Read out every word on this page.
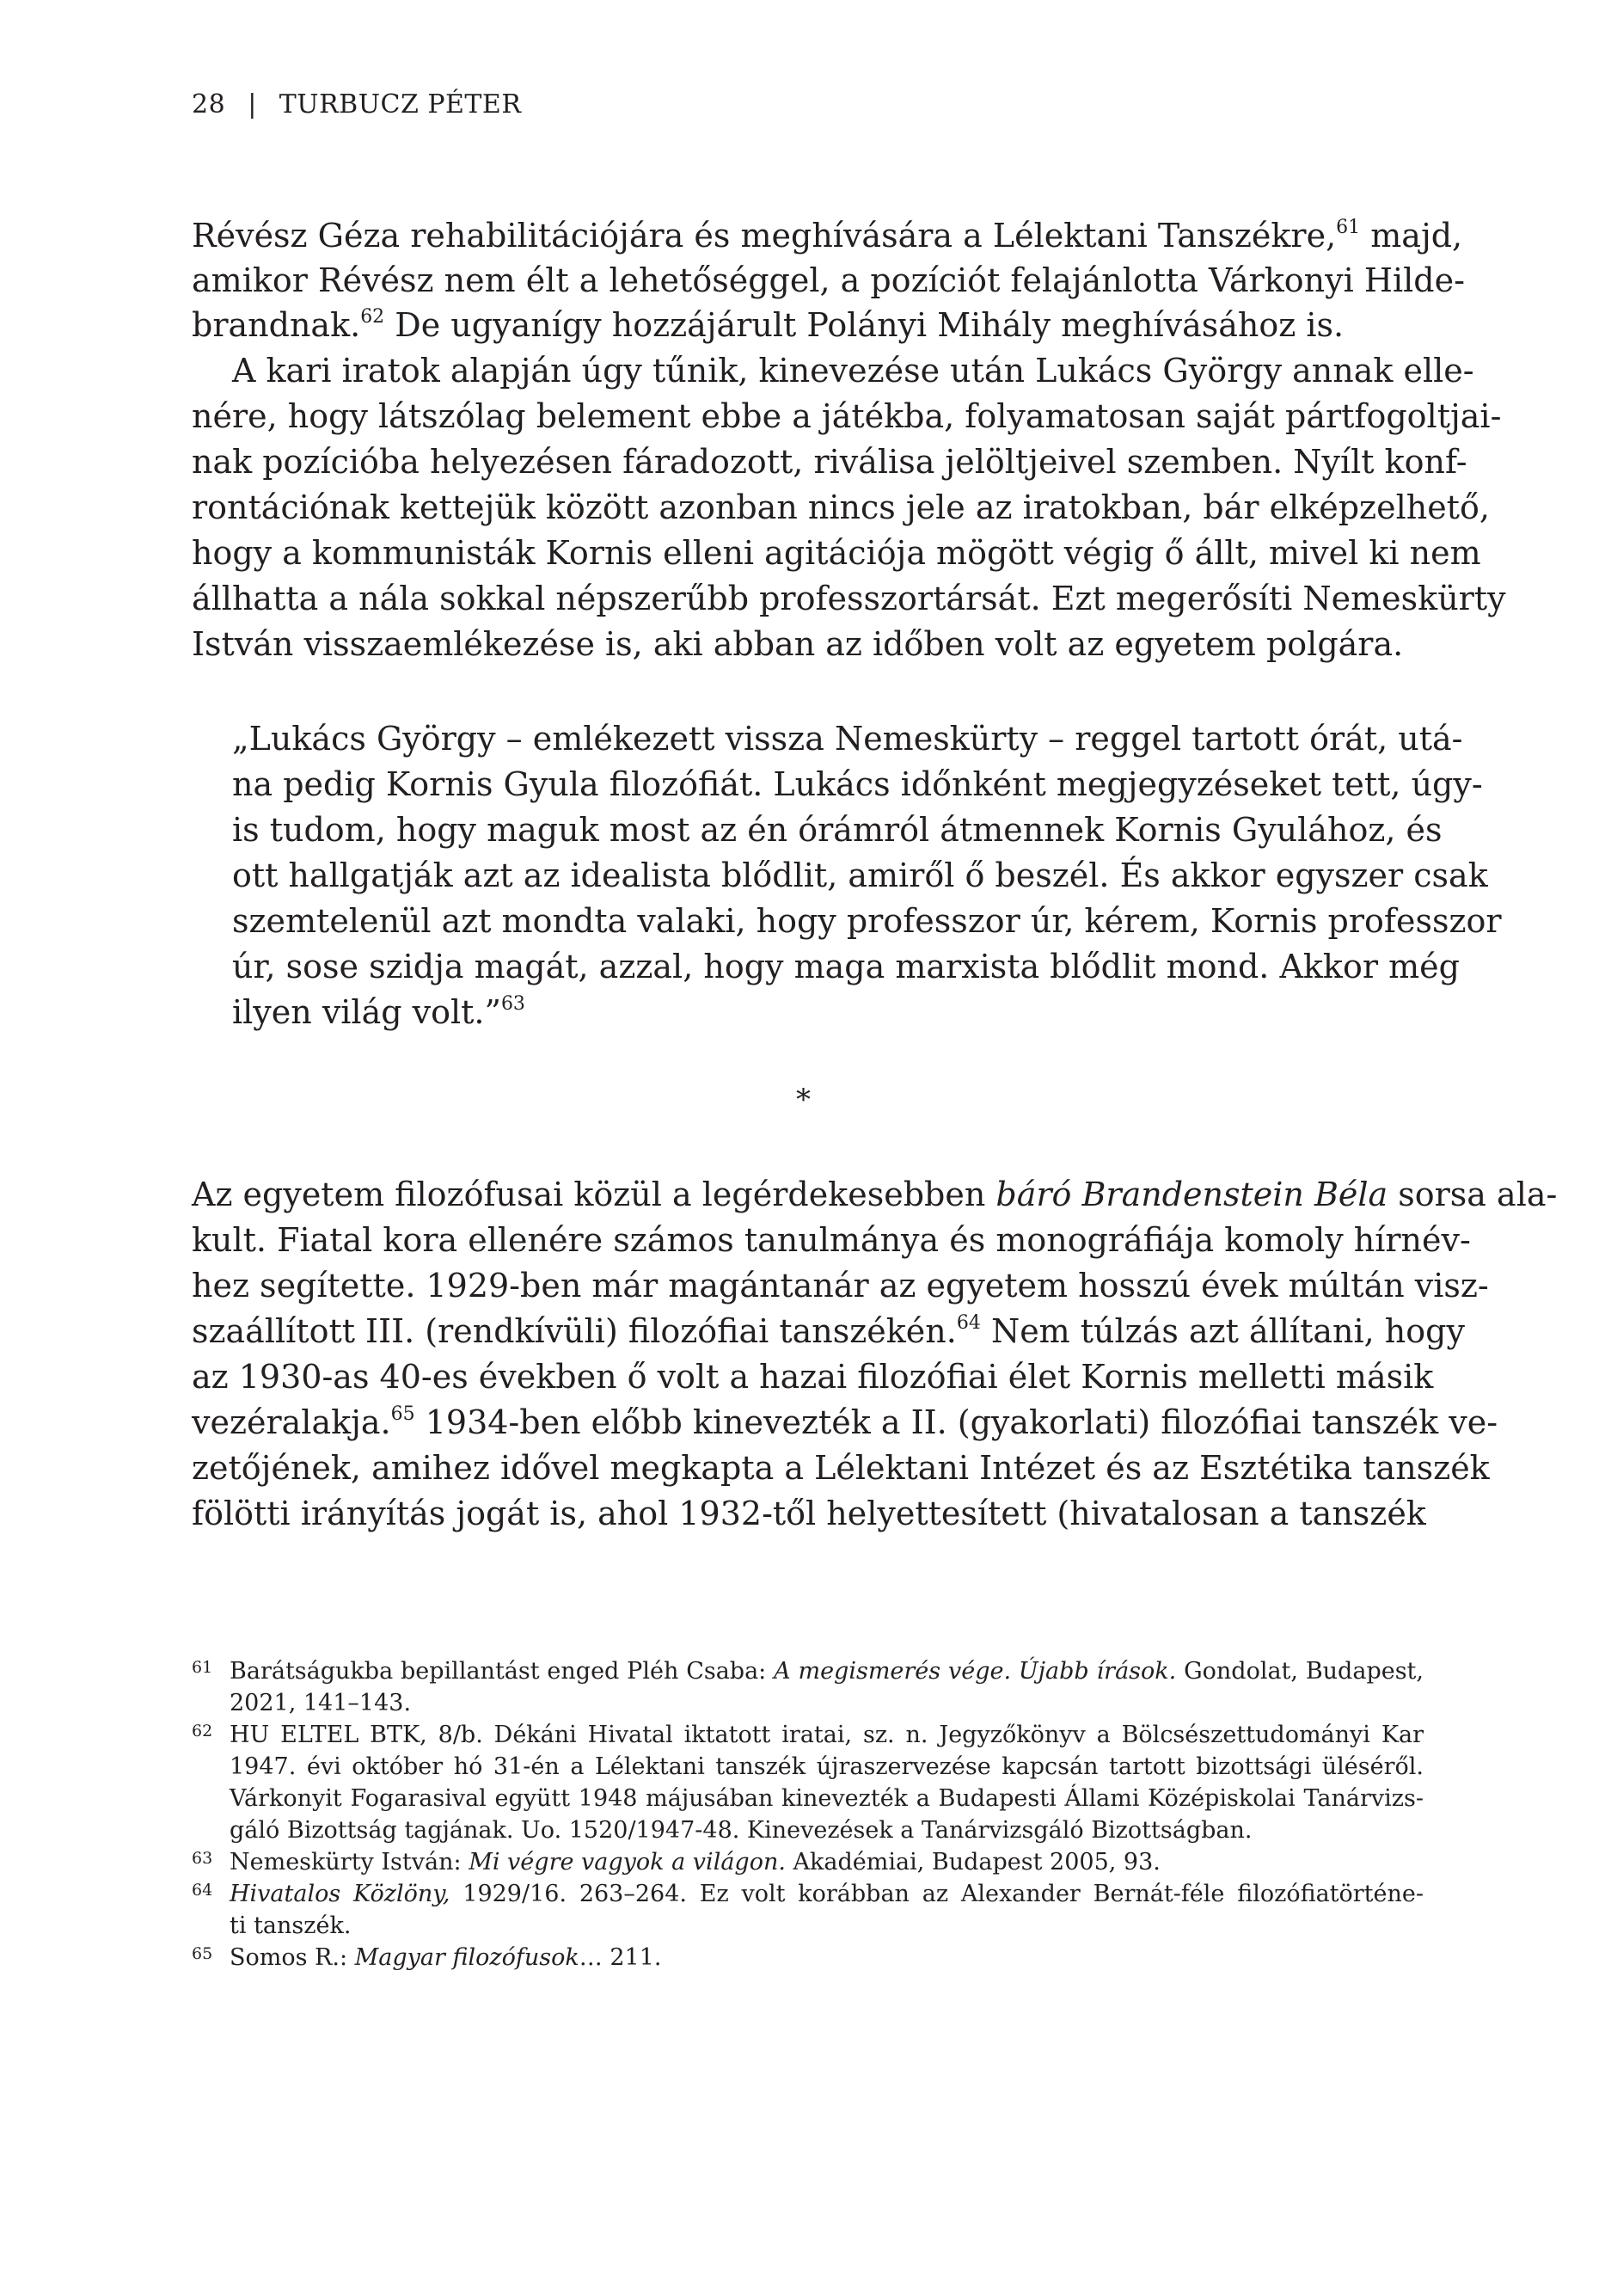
28 | TURBUCZ PÉTER
Révész Géza rehabilitációjára és meghívására a Lélektani Tanszékre,$^{61}$ majd,
amikor Révész nem élt a lehetőséggel, a pozíciót felajánlotta Várkonyi Hilde-
brandnak.$^{62}$ De ugyanígy hozzájárult Polányi Mihály meghívásához is.
A kari iratok alapján úgy tűnik, kinevezése után Lukács György annak elle-
nére, hogy látszólag belement ebbe a játékba, folyamatosan saját pártfogoltjai-
nak pozícióba helyezésen fáradozott, riválisa jelöltjeivel szemben. Nyílt konf-
rontációnak kettejük között azonban nincs jele az iratokban, bár elképzelhető,
hogy a kommunisták Kornis elleni agitációja mögött végig ő állt, mivel ki nem
állhatta a nála sokkal népszerűbb professzortársát. Ezt megerősíti Nemeskürty
István visszaemlékezése is, aki abban az időben volt az egyetem polgára.
„Lukács György – emlékezett vissza Nemeskürty – reggel tartott órát, utá-
na pedig Kornis Gyula filozófiát. Lukács időnként megjegyzéseket tett, úgy-
is tudom, hogy maguk most az én órámról átmennek Kornis Gyulához, és
ott hallgatják azt az idealista blődlit, amiről ő beszél. És akkor egyszer csak
szemtelenül azt mondta valaki, hogy professzor úr, kérem, Kornis professzor
úr, sose szidja magát, azzal, hogy maga marxista blődlit mond. Akkor még
ilyen világ volt.”$^{63}$
*
Az egyetem filozófusai közül a legérdekesebben báró Brandenstein Béla sorsa ala-
kult. Fiatal kora ellenére számos tanulmánya és monográfiája komoly hírnév-
hez segítette. 1929-ben már magántanár az egyetem hosszú évek múltán visz-
szaállított III. (rendkívüli) filozófiai tanszékén.$^{64}$ Nem túlzás azt állítani, hogy
az 1930-as 40-es években ő volt a hazai filozófiai élet Kornis melletti másik
vezéralakja.$^{65}$ 1934-ben előbb kinevezték a II. (gyakorlati) filozófiai tanszék ve-
zetőjének, amihez idővel megkapta a Lélektani Intézet és az Esztétika tanszék
fölötti irányítás jogát is, ahol 1932-től helyettesített (hivatalosan a tanszék
61 Barátságukba bepillantást enged Pléh Csaba: A megismerés vége. Újabb írások. Gondolat, Budapest,
2021, 141–143.
62 HU ELTEL BTK, 8/b. Dékáni Hivatal iktatott iratai, sz. n. Jegyzőkönyv a Bölcsészettudományi Kar
1947. évi október hó 31-én a Lélektani tanszék újraszervezése kapcsán tartott bizottsági üléséről.
Várkonyit Fogarasival együtt 1948 májusában kinevezték a Budapesti Állami Középiskolai Tanárvizs-
gáló Bizottság tagjának. Uo. 1520/1947-48. Kinevezések a Tanárvizsgáló Bizottságban.
63 Nemeskürty István: Mi végre vagyok a világon. Akadémiai, Budapest 2005, 93.
64 Hivatalos Közlöny, 1929/16. 263–264. Ez volt korábban az Alexander Bernát-féle filozófiatörténe-
ti tanszék.
65 Somos R.: Magyar filozófusok… 211.
